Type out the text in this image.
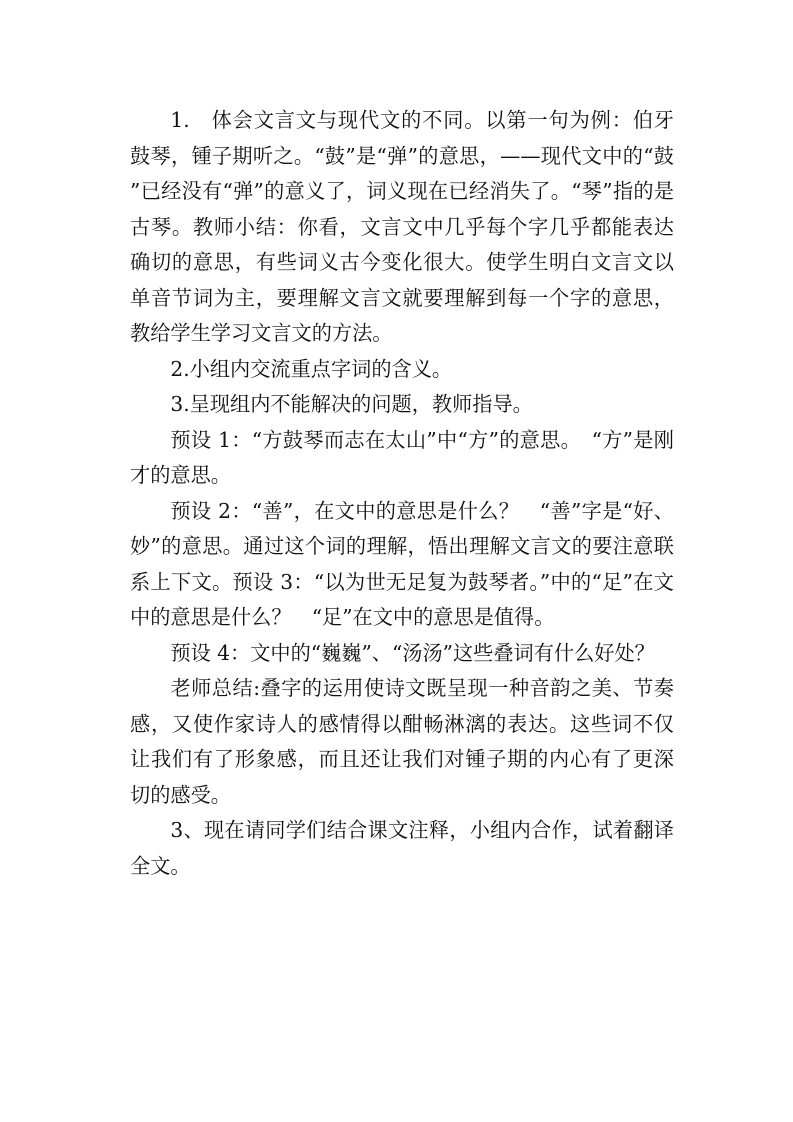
1.　体会文言文与现代文的不同。以第一句为例：伯牙鼓琴，锺子期听之。“鼓”是“弹”的意思，——现代文中的“鼓”已经没有“弹”的意义了，词义现在已经消失了。“琴”指的是古琴。教师小结：你看，文言文中几乎每个字几乎都能表达确切的意思，有些词义古今变化很大。使学生明白文言文以单音节词为主，要理解文言文就要理解到每一个字的意思，教给学生学习文言文的方法。

2.小组内交流重点字词的含义。

3.呈现组内不能解决的问题，教师指导。

预设 1：“方鼓琴而志在太山”中“方”的意思。　“方”是刚才的意思。

预设 2：“善”，在文中的意思是什么？　“善”字是“好、妙”的意思。通过这个词的理解，悟出理解文言文的要注意联系上下文。预设 3：“以为世无足复为鼓琴者。”中的“足”在文中的意思是什么？　“足”在文中的意思是值得。

预设 4：文中的“巍巍”、“汤汤”这些叠词有什么好处？

老师总结:叠字的运用使诗文既呈现一种音韵之美、节奏感，又使作家诗人的感情得以酣畅淋漓的表达。这些词不仅让我们有了形象感，而且还让我们对锺子期的内心有了更深切的感受。

3、现在请同学们结合课文注释，小组内合作，试着翻译全文。
